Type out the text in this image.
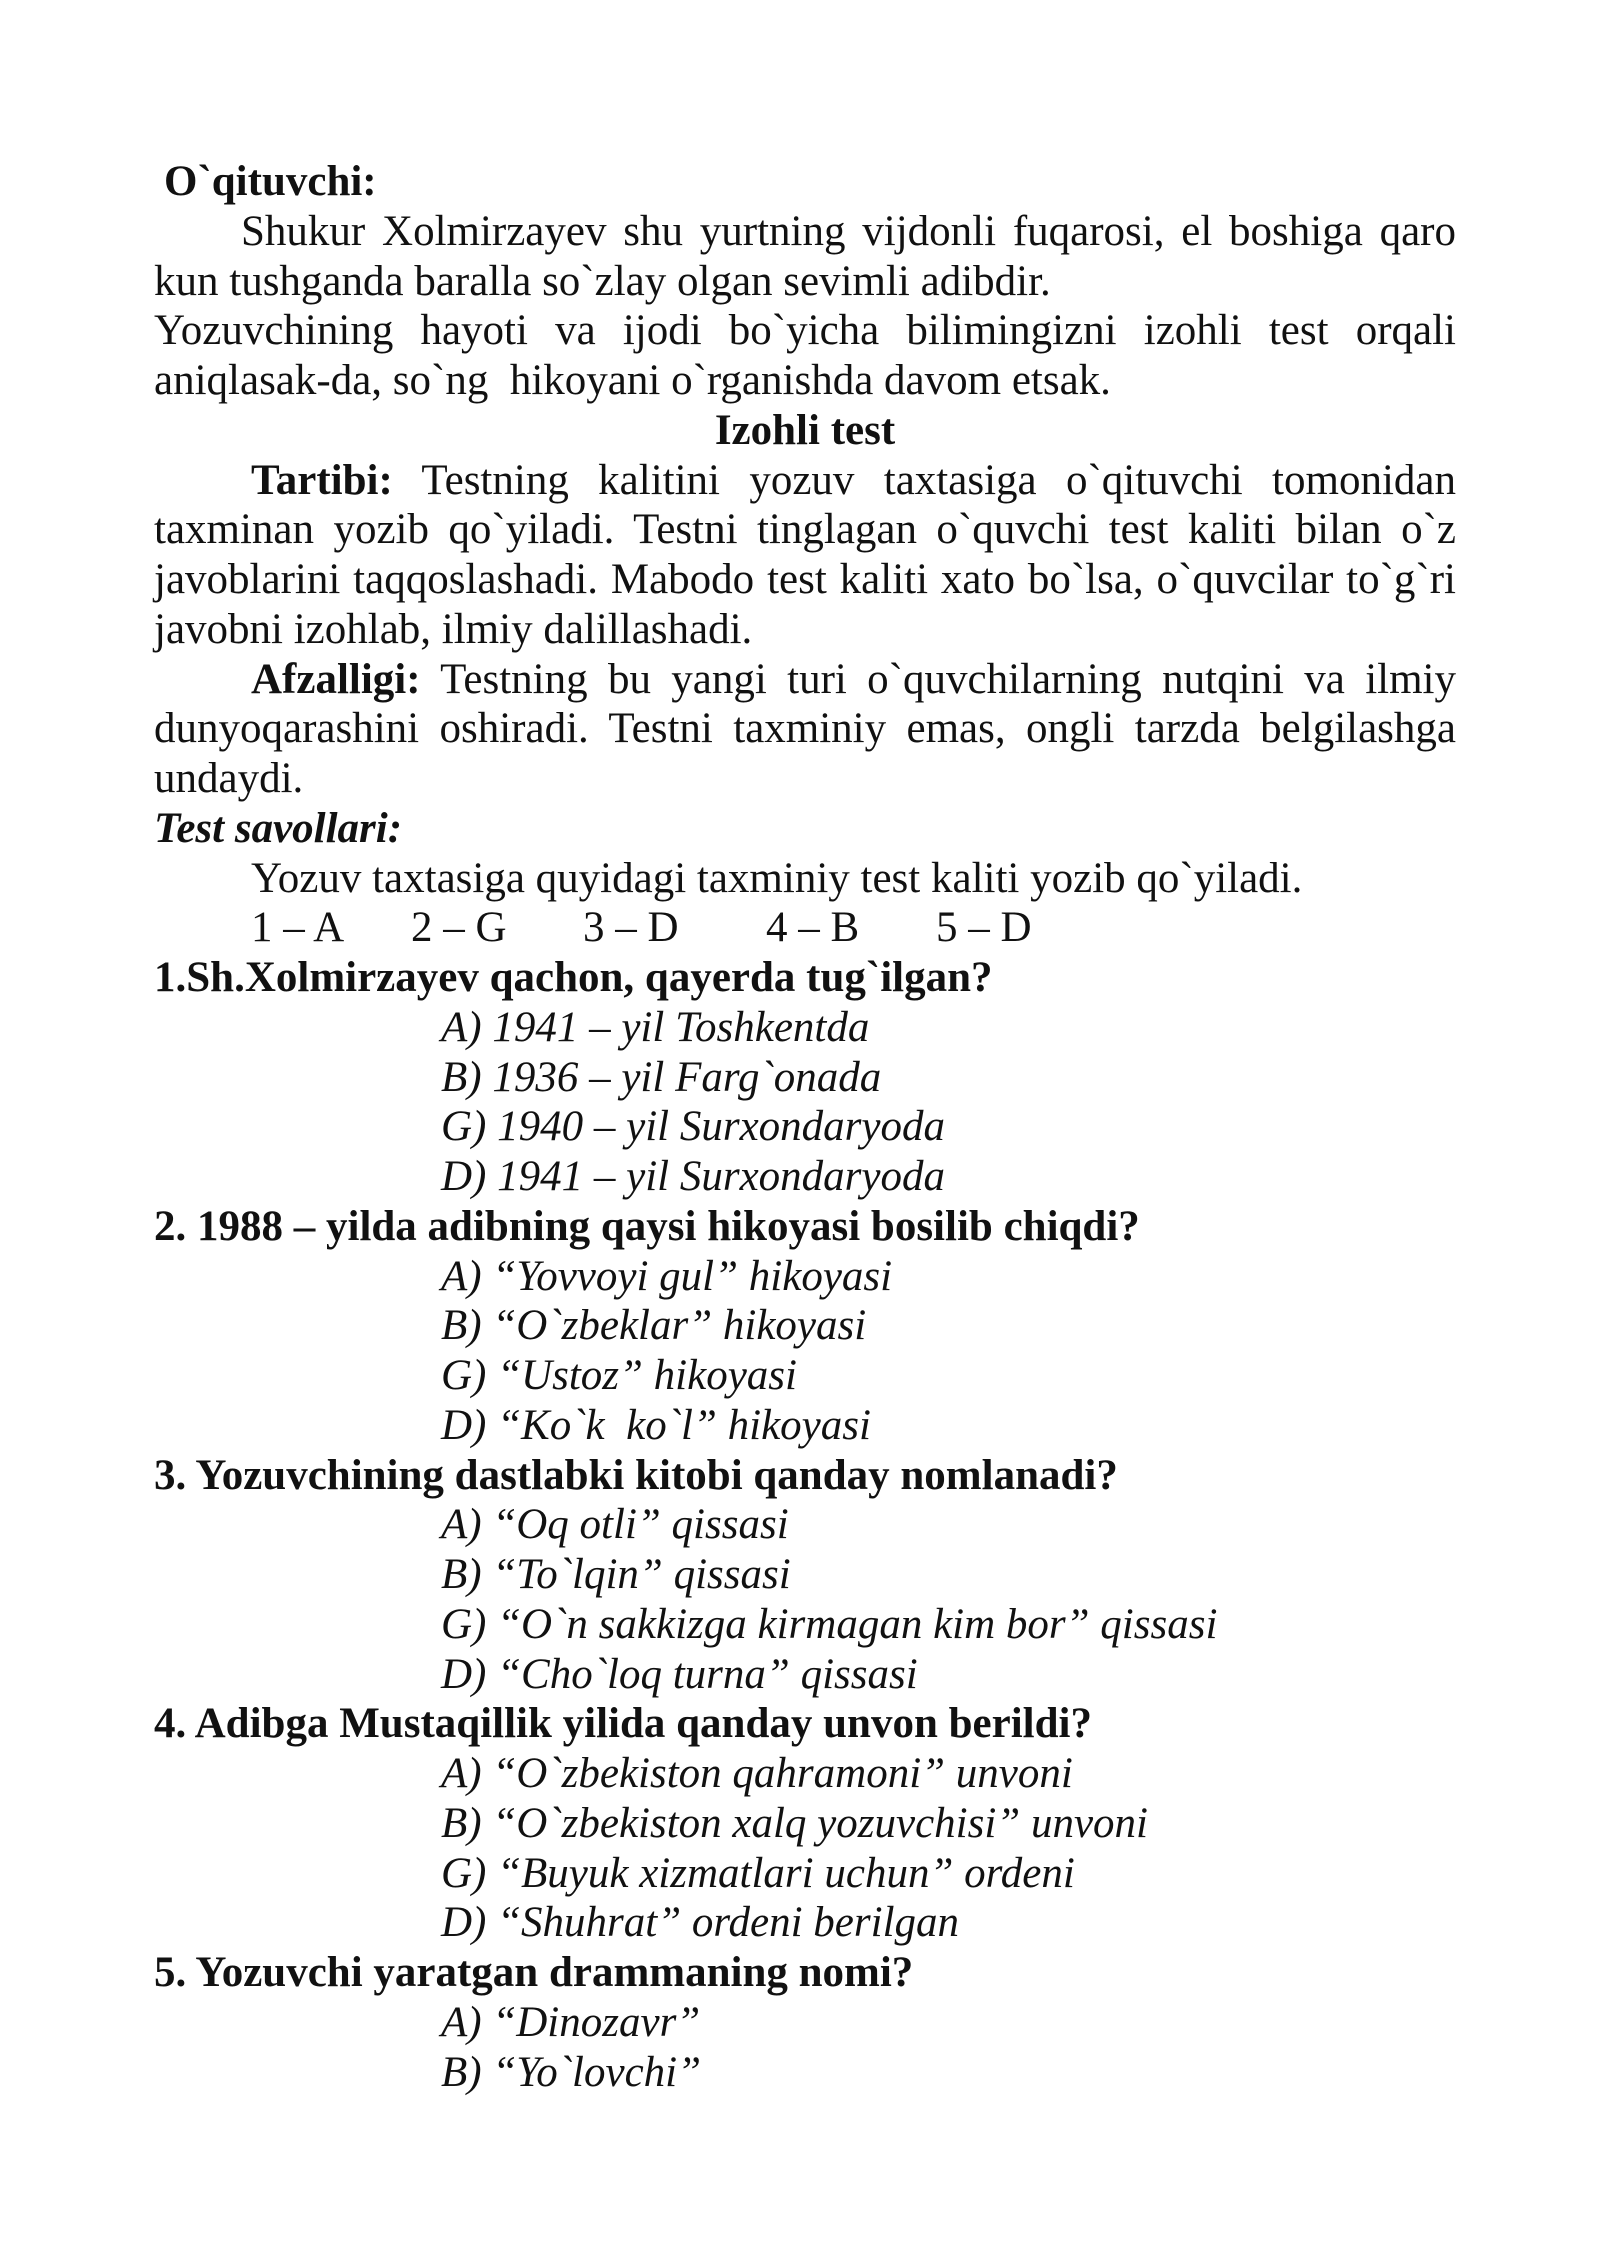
O`qituvchi:
Shukur Xolmirzayev shu yurtning vijdonli fuqarosi, el boshiga qaro
kun tushganda baralla so`zlay olgan sevimli adibdir.
Yozuvchining hayoti va ijodi bo`yicha bilimingizni izohli test orqali
aniqlasak-da, so`ng  hikoyani o`rganishda davom etsak.
Izohli test
Tartibi: Testning kalitini yozuv taxtasiga o`qituvchi tomonidan
taxminan yozib qo`yiladi. Testni tinglagan o`quvchi test kaliti bilan o`z
javoblarini taqqoslashadi. Mabodo test kaliti xato bo`lsa, o`quvcilar to`g`ri
javobni izohlab, ilmiy dalillashadi.
Afzalligi: Testning bu yangi turi o`quvchilarning nutqini va ilmiy
dunyoqarashini oshiradi. Testni taxminiy emas, ongli tarzda belgilashga
undaydi.
Test savollari:
Yozuv taxtasiga quyidagi taxminiy test kaliti yozib qo`yiladi.

1 – A

2 – G

3 – D

4 – B

5 – D

1.Sh.Xolmirzayev qachon, qayerda tug`ilgan?
A) 1941 – yil Toshkentda
B) 1936 – yil Farg`onada
G) 1940 – yil Surxondaryoda
D) 1941 – yil Surxondaryoda
2. 1988 – yilda adibning qaysi hikoyasi bosilib chiqdi?
A) “Yovvoyi gul” hikoyasi
B) “O`zbeklar” hikoyasi
G) “Ustoz” hikoyasi
D) “Ko`k  ko`l” hikoyasi
3. Yozuvchining dastlabki kitobi qanday nomlanadi?
A) “Oq otli” qissasi
B) “To`lqin” qissasi
G) “O`n sakkizga kirmagan kim bor” qissasi
D) “Cho`loq turna” qissasi
4. Adibga Mustaqillik yilida qanday unvon berildi?
A) “O`zbekiston qahramoni” unvoni
B) “O`zbekiston xalq yozuvchisi” unvoni
G) “Buyuk xizmatlari uchun” ordeni
D) “Shuhrat” ordeni berilgan
5. Yozuvchi yaratgan drammaning nomi?
A) “Dinozavr”
B) “Yo`lovchi”
